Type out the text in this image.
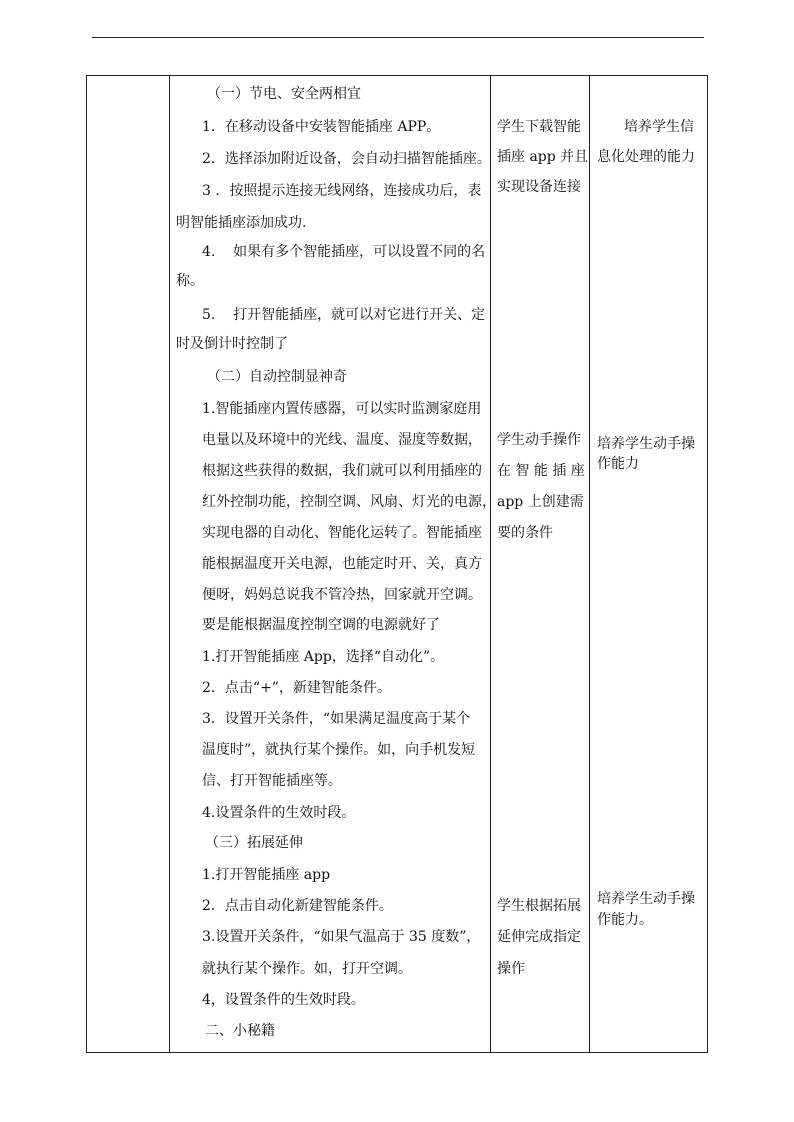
（一）节电、安全两相宜
1．在移动设备中安装智能插座 APP。
2．选择添加附近设备，会自动扫描智能插座。
3 ．按照提示连接无线网络，连接成功后，表
明智能插座添加成功.
4.    如果有多个智能插座，可以设置不同的名
称。
5.    打开智能插座，就可以对它进行开关、定
时及倒计时控制了
（二）自动控制显神奇
1.智能插座内置传感器，可以实时监测家庭用
电量以及环境中的光线、温度、湿度等数据，
根据这些获得的数据，我们就可以利用插座的
红外控制功能，控制空调、风扇、灯光的电源，
实现电器的自动化、智能化运转了。智能插座
能根据温度开关电源，也能定时开、关，真方
便呀，妈妈总说我不管冷热，回家就开空调。
要是能根据温度控制空调的电源就好了
1.打开智能插座 App，选择“自动化”。
2．点击“+”，新建智能条件。
3．设置开关条件，“如果满足温度高于某个
温度时”，就执行某个操作。如，向手机发短
信、打开智能插座等。
4.设置条件的生效时段。
（三）拓展延伸
1.打开智能插座 app
2．点击自动化新建智能条件。
3.设置开关条件，“如果气温高于 35 度数”，
就执行某个操作。如，打开空调。
4，设置条件的生效时段。
二、小秘籍
学生下载智能
插座 app 并且
实现设备连接
学生动手操作
在 智 能 插 座
app 上创建需
要的条件
学生根据拓展
延伸完成指定
操作
培养学生信
息化处理的能力
培养学生动手操
作能力
培养学生动手操
作能力。
